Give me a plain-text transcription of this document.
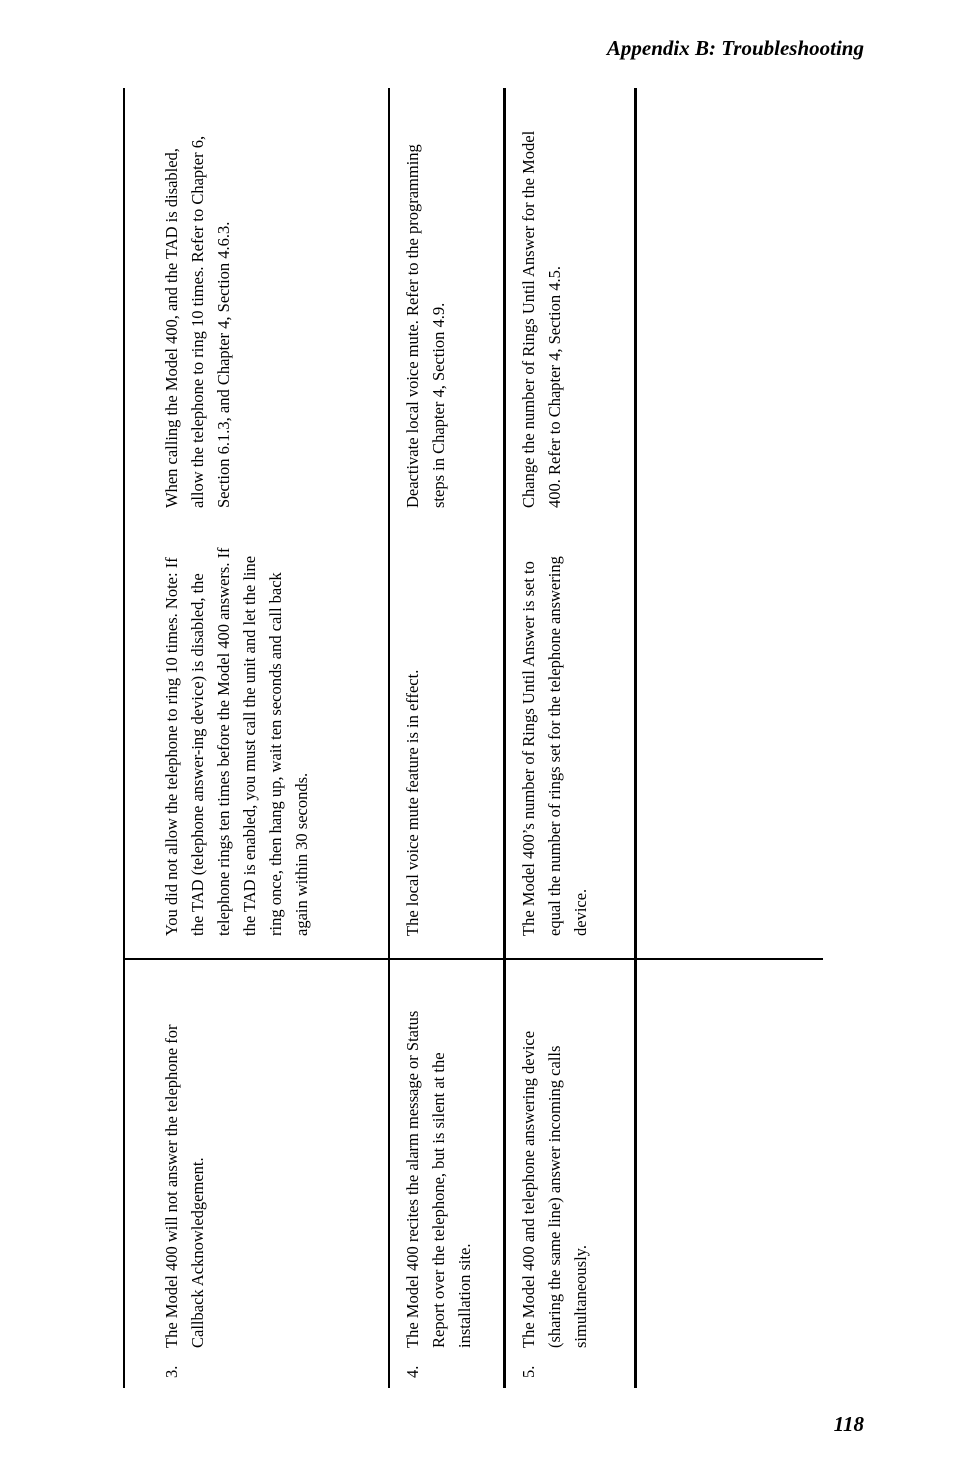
Appendix B: Troubleshooting
3.
The Model 400 will not answer the telephone for Callback Acknowledgement.
You did not allow the telephone to ring 10 times. Note: If the TAD (telephone answer-ing device) is disabled, the telephone rings ten times before the Model 400 answers. If the TAD is enabled, you must call the unit and let the line ring once, then hang up, wait ten seconds and call back again within 30 seconds.
When calling the Model 400, and the TAD is disabled, allow the telephone to ring 10 times. Refer to Chapter 6, Section 6.1.3, and Chapter 4, Section 4.6.3.
4.
The Model 400 recites the alarm message or Status Report over the telephone, but is silent at the installation site.
The local voice mute feature is in effect.
Deactivate local voice mute. Refer to the programming steps in Chapter 4, Section 4.9.
5.
The Model 400 and telephone answering device (sharing the same line) answer incoming calls simultaneously.
The Model 400’s number of Rings Until Answer is set to equal the number of rings set for the telephone answering device.
Change the number of Rings Until Answer for the Model 400. Refer to Chapter 4, Section 4.5.
118
